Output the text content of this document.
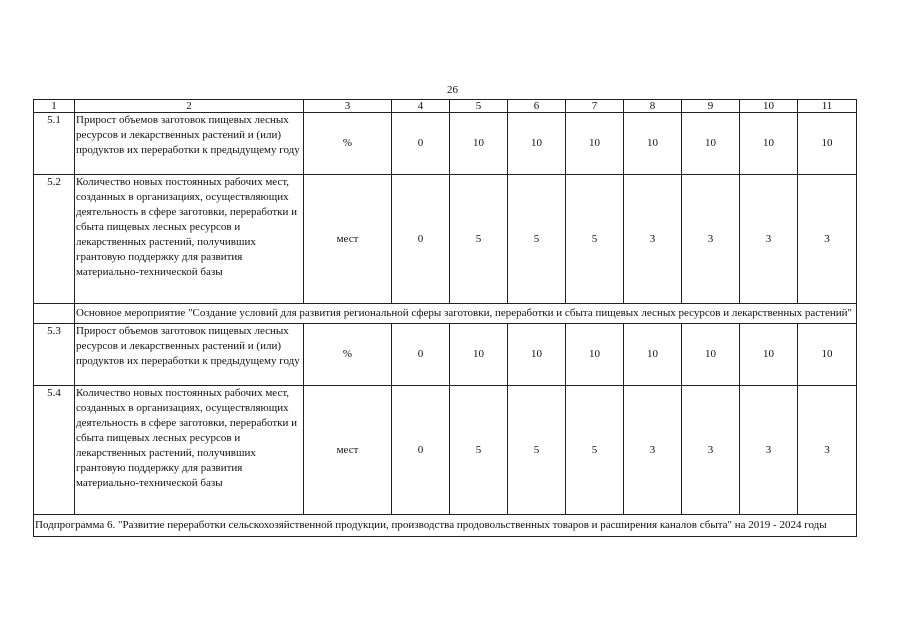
26
1	2	3	4	5	6	7	8	9	10	11
5.1	Прирост объемов заготовок пищевых лесных ресурсов и лекарственных растений и (или) продуктов их переработки к предыдущему году	%	0	10	10	10	10	10	10	10
5.2	Количество новых постоянных рабочих мест, созданных в организациях, осуществляющих деятельность в сфере заготовки, переработки и сбыта пищевых лесных ресурсов и лекарственных растений, получивших грантовую поддержку для развития материально-технической базы	мест	0	5	5	5	3	3	3	3
	Основное мероприятие "Создание условий для развития региональной сферы заготовки, переработки и сбыта пищевых лесных ресурсов и лекарственных растений"									
5.3	Прирост объемов заготовок пищевых лесных ресурсов и лекарственных растений и (или) продуктов их переработки к предыдущему году	%	0	10	10	10	10	10	10	10
5.4	Количество новых постоянных рабочих мест, созданных в организациях, осуществляющих деятельность в сфере заготовки, переработки и сбыта пищевых лесных ресурсов и лекарственных растений, получивших грантовую поддержку для развития материально-технической базы	мест	0	5	5	5	3	3	3	3
Подпрограмма 6. "Развитие переработки сельскохозяйственной продукции, производства продовольственных товаров и расширения каналов сбыта" на 2019 - 2024 годы										
